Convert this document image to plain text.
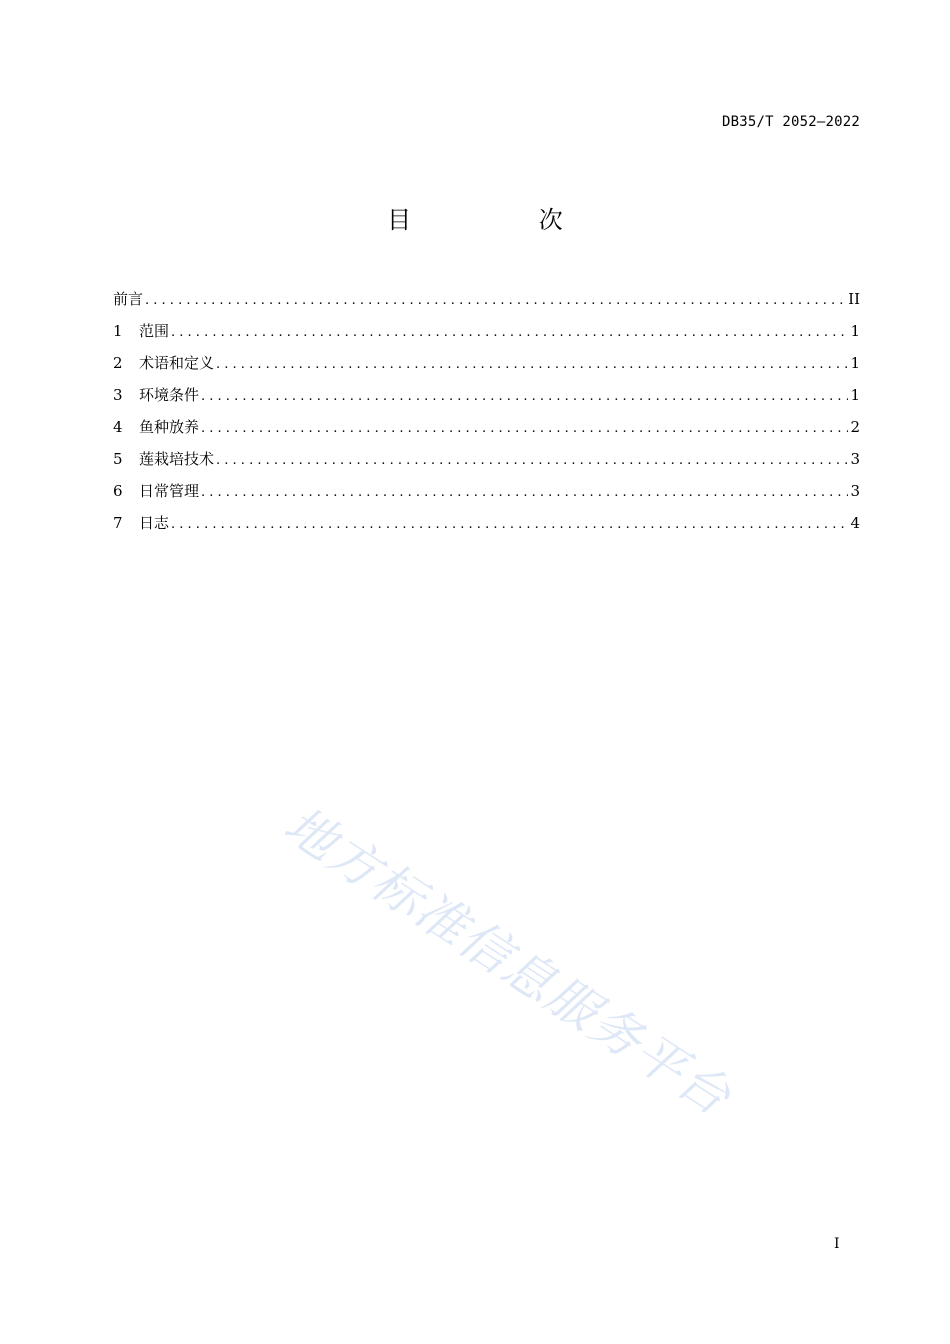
DB35/T 2052—2022
目 次
前言 . . .	II
1	范围 . . .	1
2	术语和定义 . . .	1
3	环境条件 . . .	1
4	鱼种放养 . . .	2
5	莲栽培技术 . . .	3
6	日常管理 . . .	3
7	日志 . . .	4
地方标准信息服务平台
I
